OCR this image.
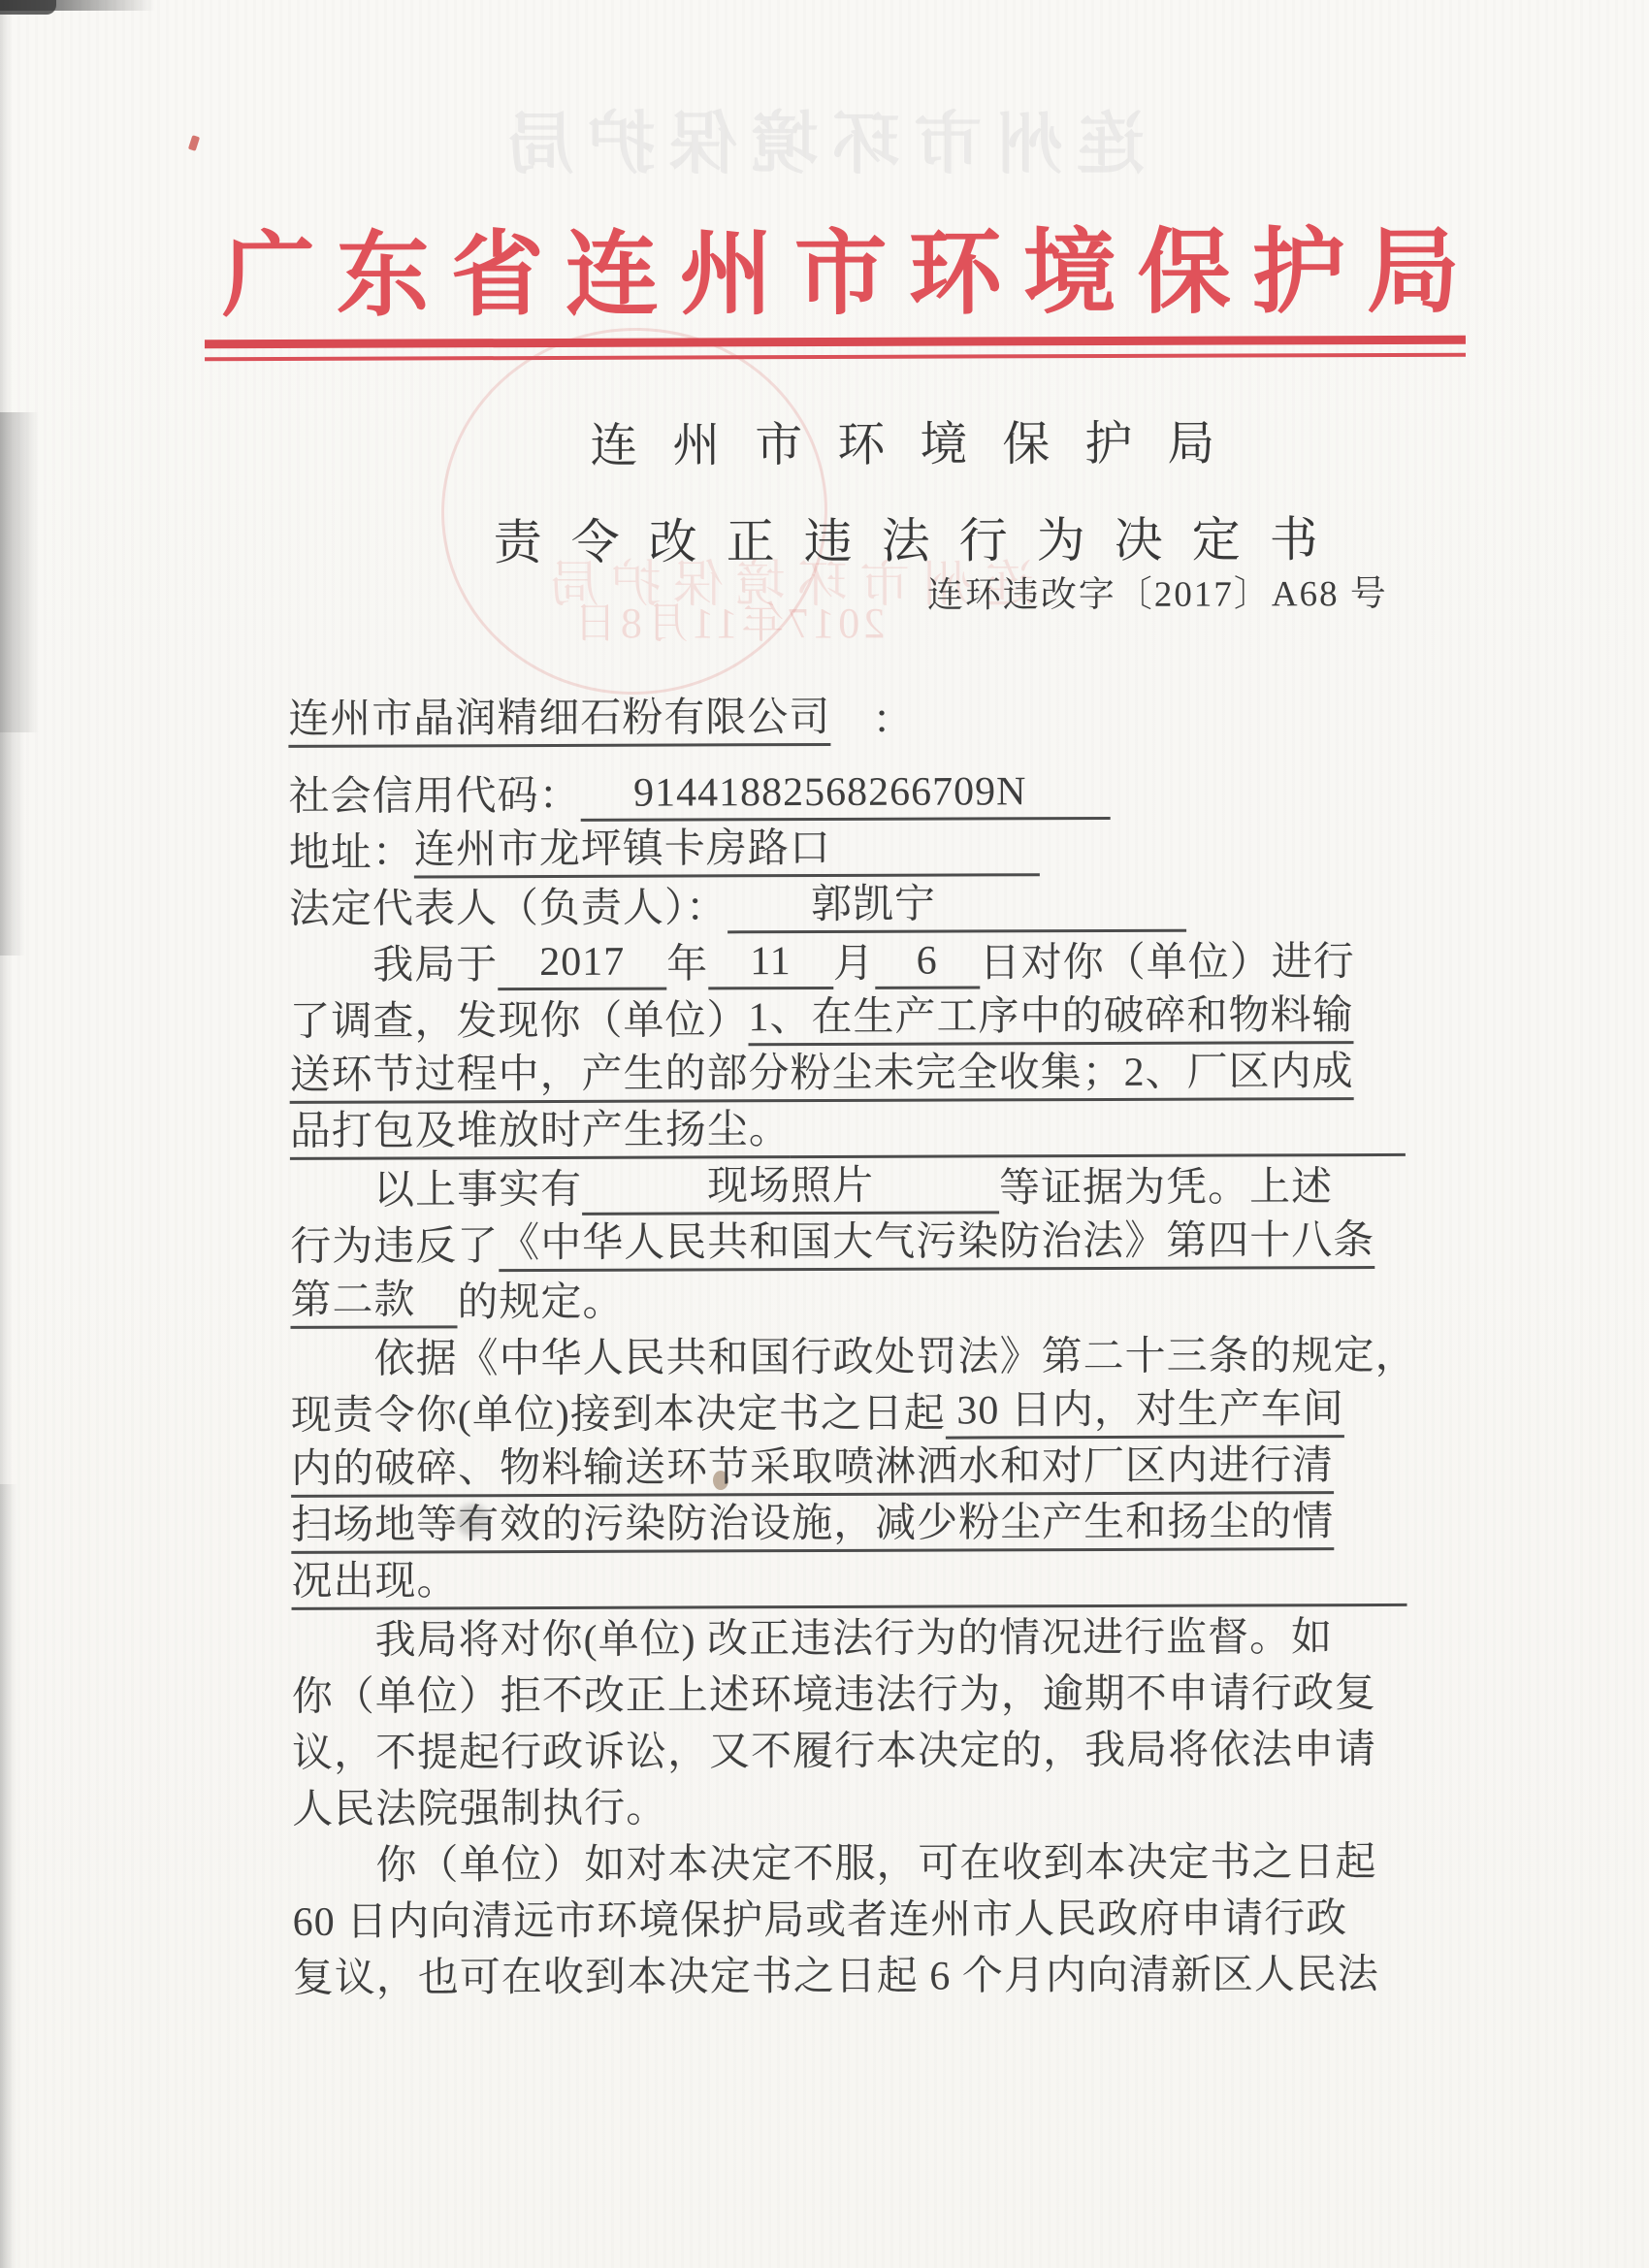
连州市环境保护局
连州市环境保护局
2017年11月8日
广东省连州市环境保护局
连州市环境保护局
责令改正违法行为决定书
连环违改字〔2017〕A68 号
连州市晶润精细石粉有限公司 　：
社会信用代码： 　 91441882568266709N　　
地址： 连州市龙坪镇卡房路口　　　　　
法定代表人（负责人）： 　　郭凯宁　　　　　　
　　我局于 　2017　 年 　11　 月 　6　 日对你（单位）进行
了调查，发现你（单位） 1、在生产工序中的破碎和物料输
送环节过程中，产生的部分粉尘未完全收集；2、厂区内成
品打包及堆放时产生扬尘。
　　以上事实有 　　　现场照片　　　 等证据为凭。上述
行为违反了 《中华人民共和国大气污染防治法》第四十八条
第二款　 的规定。
　　依据《中华人民共和国行政处罚法》第二十三条的规定，
现责令你(单位)接到本决定书之日起 30 日内，对生产车间
内的破碎、物料输送环节采取喷淋洒水和对厂区内进行清
扫场地等有效的污染防治设施，减少粉尘产生和扬尘的情
况出现。
　　我局将对你(单位) 改正违法行为的情况进行监督。如
你（单位）拒不改正上述环境违法行为，逾期不申请行政复
议，不提起行政诉讼，又不履行本决定的，我局将依法申请
人民法院强制执行。
　　你（单位）如对本决定不服，可在收到本决定书之日起
60 日内向清远市环境保护局或者连州市人民政府申请行政
复议，也可在收到本决定书之日起 6 个月内向清新区人民法
